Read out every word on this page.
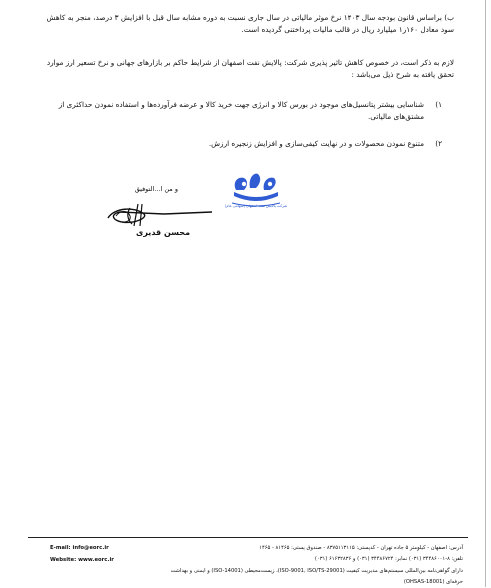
ب) براساس قانون بودجه سال ۱۴۰۳ نرخ موثر مالیاتی در سال جاری نسبت به دوره مشابه سال قبل با افزایش ۳ درصد، منجر به کاهش سود معادل ۱۶۰ر۱ میلیارد ریال در قالب مالیات پرداختنی گردیده است.

لازم به ذکر است، در خصوص کاهش تاثیر پذیری شرکت: پالایش نفت اصفهان از شرایط حاکم بر بازارهای جهانی و نرخ تسعیر ارز موارد تحقق یافته به شرح ذیل می‌باشد :

۱)
شناسایی بیشتر پتانسیل‌های موجود در بورس کالا و انرژی جهت خرید کالا و عرضه فرآورده‌ها و استفاده نمودن حداکثری از مشتق‌های مالیاتی.
۲)
متنوع نمودن محصولات و در نهایت کیفی‌سازی و افزایش زنجیره ارزش.
و من ا...التوفیق
محسن قدیری
شرکت پالایش نفت اصفهان (سهامی عام)
E-mail: info@eorc.ir
Website: www.eorc.ir
آدرس: اصفهان - کیلومتر ۵ جاده تهران - کدپستی: ۸۳۷۵۱۱۳۱۱۵ - صندوق پستی: ۸۱۴۶۵ - ۱۴۶۵
تلفن: ۸-۳۴۴۸۶۰۰۱ (۰۳۱) نمابر: ۳۴۴۸۶۷۲۴ (۰۳۱) و ۶۱۶۳۲۸۳۶ (۰۳۱)
دارای گواهی‌نامه بین‌المللی سیستم‌های مدیریت کیفیت (ISO-9001, ISO/TS-29001)، زیست‌محیطی (ISO-14001) و ایمنی و بهداشت حرفه‌ای (OHSAS-18001)
